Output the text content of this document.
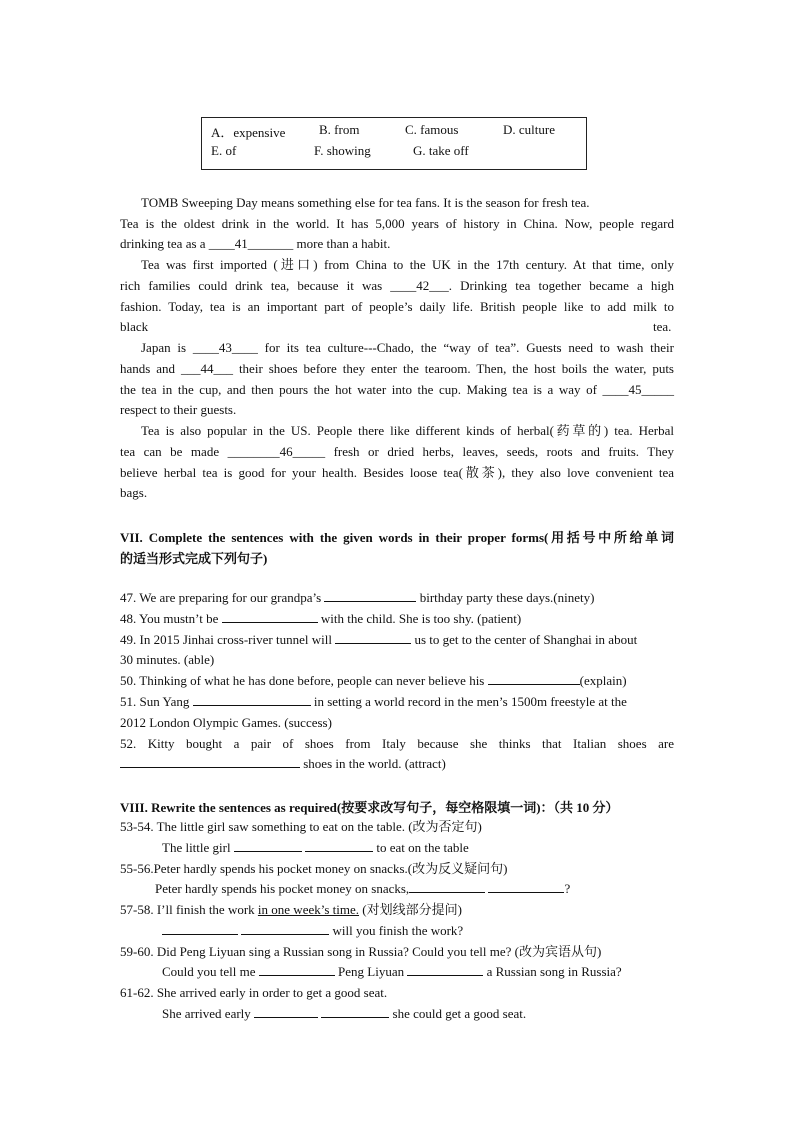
A．expensive	B. from	C. famous	D. culture
E. of	F. showing	G. take off
TOMB Sweeping Day means something else for tea fans. It is the season for fresh tea.
Tea is the oldest drink in the world. It has 5,000 years of history in China. Now, people regard
drinking tea as a ____41_______ more than a habit.
Tea was first imported (进口) from China to the UK in the 17th century. At that time, only
rich families could drink tea, because it was ____42___. Drinking tea together became a high
fashion. Today, tea is an important part of people’s daily life. British people like to add milk to
black	tea.
Japan is ____43____ for its tea culture---Chado, the “way of tea”. Guests need to wash their
hands and ___44___ their shoes before they enter the tearoom. Then, the host boils the water, puts
the tea in the cup, and then pours the hot water into the cup. Making tea is a way of ____45_____
respect to their guests.
Tea is also popular in the US. People there like different kinds of herbal(药草的) tea. Herbal
tea can be made ________46_____ fresh or dried herbs, leaves, seeds, roots and fruits. They
believe herbal tea is good for your health. Besides loose tea(散茶), they also love convenient tea
bags.
VII. Complete the sentences with the given words in their proper forms(用括号中所给单词
的适当形式完成下列句子)
47. We are preparing for our grandpa’s	birthday party these days.(ninety)
48. You mustn’t be	with the child. She is too shy. (patient)
49. In 2015 Jinhai cross-river tunnel will	us to get to the center of Shanghai in about
30 minutes. (able)
50. Thinking of what he has done before, people can never believe his	(explain)
51. Sun Yang	in setting a world record in the men’s 1500m freestyle at the
2012 London Olympic Games. (success)
52. Kitty bought a pair of shoes from Italy because she thinks that Italian shoes are
shoes in the world. (attract)
VIII. Rewrite the sentences as required(按要求改写句子，每空格限填一词)：（共 10 分）
53-54. The little girl saw something to eat on the table. (改为否定句)
The little girl	to eat on the table
55-56.Peter hardly spends his pocket money on snacks.(改为反义疑问句)
Peter hardly spends his pocket money on snacks,	?
57-58. I’ll finish the work in one week’s time. (对划线部分提问)
will you finish the work?
59-60. Did Peng Liyuan sing a Russian song in Russia? Could you tell me? (改为宾语从句)
Could you tell me	Peng Liyuan	a Russian song in Russia?
61-62. She arrived early in order to get a good seat.
She arrived early	she could get a good seat.
